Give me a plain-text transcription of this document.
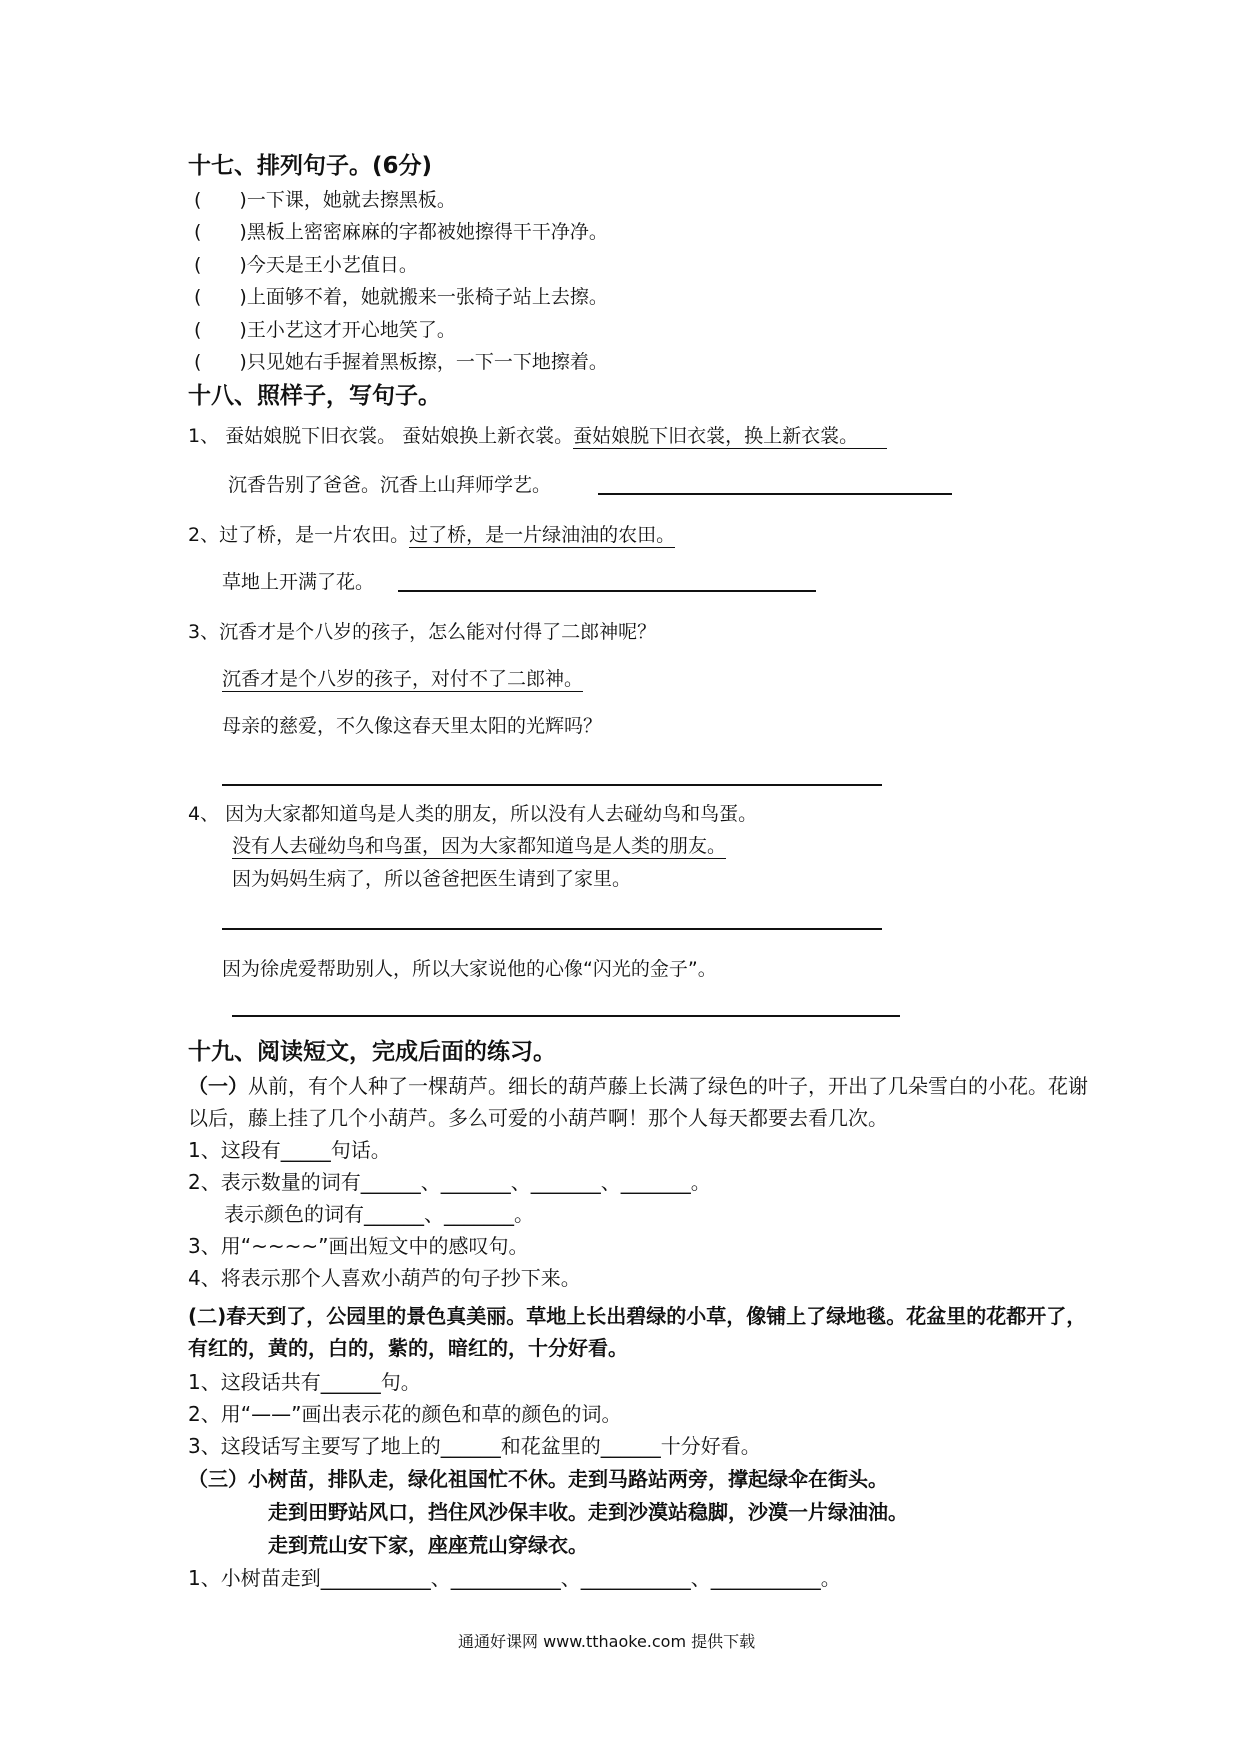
十七、排列句子。(6分)
(　　)一下课，她就去擦黑板。
(　　)黑板上密密麻麻的字都被她擦得干干净净。
(　　)今天是王小艺值日。
(　　)上面够不着，她就搬来一张椅子站上去擦。
(　　)王小艺这才开心地笑了。
(　　)只见她右手握着黑板擦，一下一下地擦着。
十八、照样子，写句子。
1、 蚕姑娘脱下旧衣裳。 蚕姑娘换上新衣裳。蚕姑娘脱下旧衣裳，换上新衣裳。　　
沉香告别了爸爸。沉香上山拜师学艺。
2、过了桥，是一片农田。过了桥，是一片绿油油的农田。
草地上开满了花。
3、沉香才是个八岁的孩子，怎么能对付得了二郎神呢？
沉香才是个八岁的孩子，对付不了二郎神。
母亲的慈爱，不久像这春天里太阳的光辉吗？
4、 因为大家都知道鸟是人类的朋友，所以没有人去碰幼鸟和鸟蛋。
没有人去碰幼鸟和鸟蛋，因为大家都知道鸟是人类的朋友。
因为妈妈生病了，所以爸爸把医生请到了家里。
因为徐虎爱帮助别人，所以大家说他的心像“闪光的金子”。
十九、阅读短文，完成后面的练习。
（一）从前，有个人种了一棵葫芦。细长的葫芦藤上长满了绿色的叶子，开出了几朵雪白的小花。花谢以后，藤上挂了几个小葫芦。多么可爱的小葫芦啊！那个人每天都要去看几次。
1、这段有_____句话。
2、表示数量的词有______、_______、_______、_______。
表示颜色的词有______、_______。
3、用“~~~~”画出短文中的感叹句。
4、将表示那个人喜欢小葫芦的句子抄下来。
(二)春天到了，公园里的景色真美丽。草地上长出碧绿的小草，像铺上了绿地毯。花盆里的花都开了，有红的，黄的，白的，紫的，暗红的，十分好看。
1、这段话共有______句。
2、用“——”画出表示花的颜色和草的颜色的词。
3、这段话写主要写了地上的______和花盆里的______十分好看。
（三）小树苗，排队走，绿化祖国忙不休。走到马路站两旁，撑起绿伞在街头。
走到田野站风口，挡住风沙保丰收。走到沙漠站稳脚，沙漠一片绿油油。
走到荒山安下家，座座荒山穿绿衣。
1、小树苗走到___________、___________、___________、___________。
通通好课网 www.tthaoke.com 提供下载
